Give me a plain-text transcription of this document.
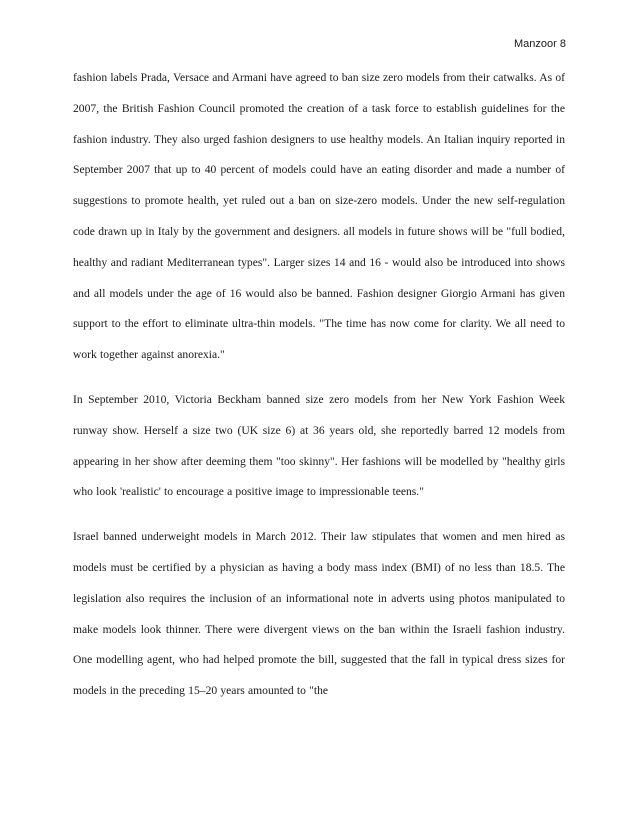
Manzoor 8

fashion labels Prada, Versace and Armani have agreed to ban size zero models from their catwalks. As of 2007, the British Fashion Council promoted the creation of a task force to establish guidelines for the fashion industry. They also urged fashion designers to use healthy models. An Italian inquiry reported in September 2007 that up to 40 percent of models could have an eating disorder and made a number of suggestions to promote health, yet ruled out a ban on size-zero models. Under the new self-regulation code drawn up in Italy by the government and designers. all models in future shows will be "full bodied, healthy and radiant Mediterranean types". Larger sizes 14 and 16 - would also be introduced into shows and all models under the age of 16 would also be banned. Fashion designer Giorgio Armani has given support to the effort to eliminate ultra-thin models. "The time has now come for clarity. We all need to work together against anorexia."

In September 2010, Victoria Beckham banned size zero models from her New York Fashion Week runway show. Herself a size two (UK size 6) at 36 years old, she reportedly barred 12 models from appearing in her show after deeming them "too skinny". Her fashions will be modelled by "healthy girls who look 'realistic' to encourage a positive image to impressionable teens."

Israel banned underweight models in March 2012. Their law stipulates that women and men hired as models must be certified by a physician as having a body mass index (BMI) of no less than 18.5. The legislation also requires the inclusion of an informational note in adverts using photos manipulated to make models look thinner. There were divergent views on the ban within the Israeli fashion industry. One modelling agent, who had helped promote the bill, suggested that the fall in typical dress sizes for models in the preceding 15–20 years amounted to "the
